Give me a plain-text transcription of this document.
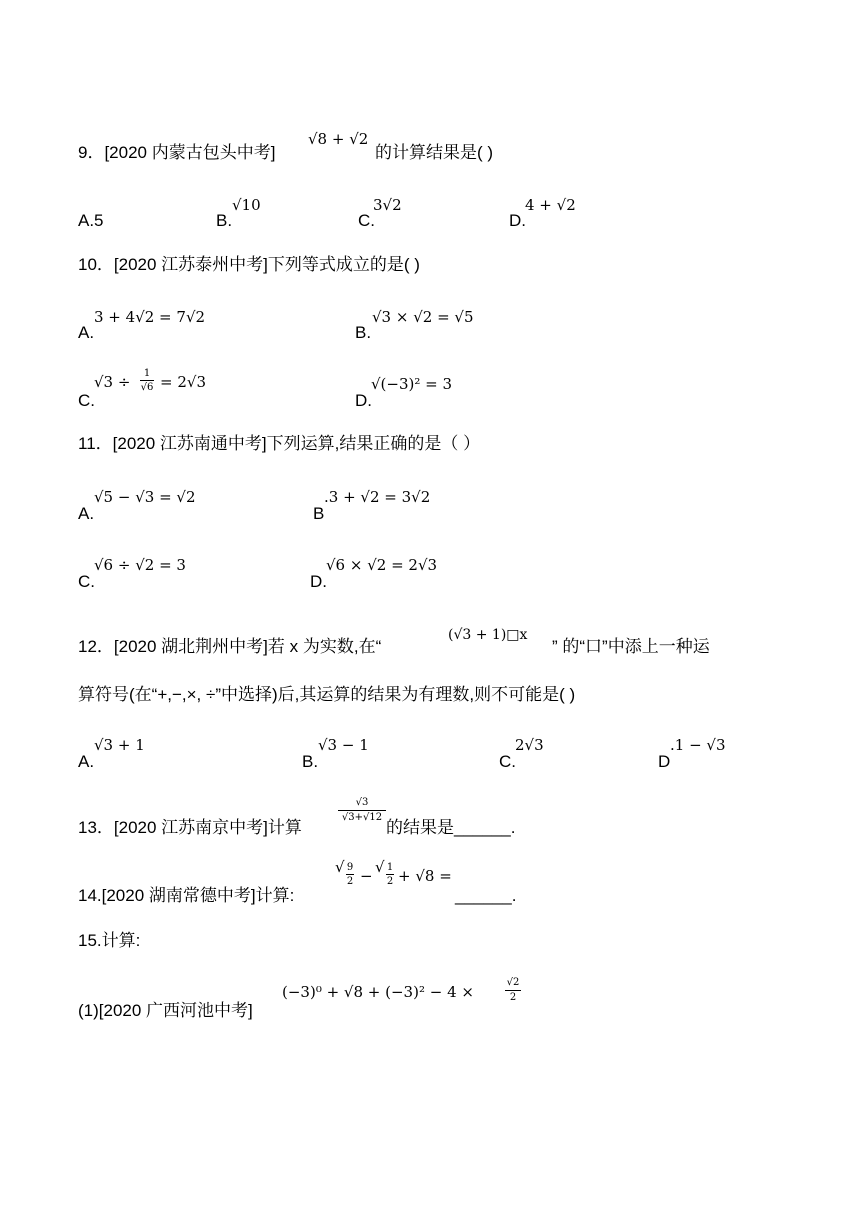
9．[2020 内蒙古包头中考]
√8 + √2
的计算结果是( )
A.5	B.
√10
C.
3√2
D.
4 + √2
10．[2020 江苏泰州中考]下列等式成立的是( )
A.
3 + 4√2 = 7√2
B.
√3 × √2 = √5
C.
√3 ÷	1
√6 = 2√3
D.
√(−3)² = 3
11．[2020 江苏南通中考]下列运算,结果正确的是（ ）
A.
√5 − √3 = √2
B
.3 + √2 = 3√2
C.
√6 ÷ √2 = 3
D.
√6 × √2 = 2√3
12．[2020 湖北荆州中考]若 x 为实数,在“
(√3 + 1)□x
” 的“口”中添上一种运
算符号(在“+,−,×, ÷”中选择)后,其运算的结果为有理数,则不可能是( )
A.
√3 + 1
B.
√3 − 1
C.
2√3
D
.1 − √3
13．[2020 江苏南京中考]计算
√3
√3+√12
的结果是______.
14.[2020 湖南常德中考]计算:
√ 9
2 − √ 1
2 + √8 =
______.
15.计算:
(1)[2020 广西河池中考]
(−3)⁰ + √8 + (−3)² − 4 ×
√2
2
